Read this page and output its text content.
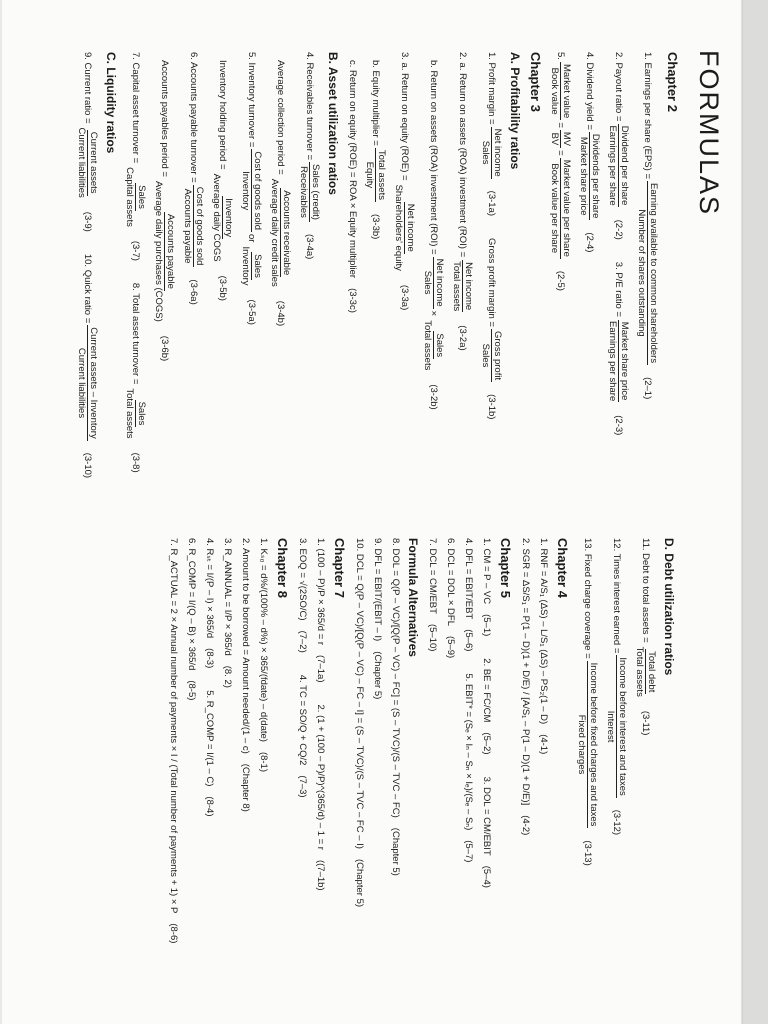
FORMULAS
Chapter 2
1. Earnings per share (EPS) =
Earning available to common shareholders
Number of shares outstanding
(2–1)
2. Payout ratio =
Dividend per share
Earnings per share
(2-2)
3. P/E ratio =
Market share price
Earnings per share
(2-3)
4. Dividend yield =
Dividends per share
Market share price
(2-4)
5.
Market value
Book value
=
MV
BV
=
Market value per share
Book value per share
(2-5)
Chapter 3
A. Profitability ratios
1. Profit margin =
Net income
Sales
(3-1a)
Gross profit margin =
Gross profit
Sales
(3-1b)
2. a. Return on assets (ROA) investment (ROI) =
Net income
Total assets
(3-2a)
b. Return on assets (ROA) investment (ROI) =
Net income
Sales
×
Sales
Total assets
(3-2b)
3. a. Return on equity (ROE) =
Net income
Shareholders' equity
(3-3a)
b. Equity multiplier =
Total assets
Equity
(3-3b)
c. Return on equity (ROE) = ROA × Equity multiplier
(3-3c)
B. Asset utilization ratios
4. Receivables turnover =
Sales (credit)
Receivables
(3-4a)
Average collection period =
Accounts receivable
Average daily credit sales
(3-4b)
5. Inventory turnover =
Cost of goods sold
Inventory
or
Sales
Inventory
(3-5a)
Inventory holding period =
Inventory
Average daily COGS
(3-5b)
6. Accounts payable turnover =
Cost of goods sold
Accounts payable
(3-6a)
Accounts payables period =
Accounts payable
Average daily purchases (COGS)
(3-6b)
7. Capital asset turnover =
Sales
Capital assets
(3-7)
8. Total asset turnover =
Sales
Total assets
(3-8)
C. Liquidity ratios
9. Current ratio =
Current assets
Current liabilities
(3-9)
10. Quick ratio =
Current assets – Inventory
Current liabilities
(3-10)
D. Debt utilization ratios
11. Debt to total assets =
Total debt
Total assets
(3-11)
12. Times interest earned =
Income before interest and taxes
Interest
(3-12)
13. Fixed charge coverage =
Income before fixed charges and taxes
Fixed charges
(3-13)
Chapter 4
1. RNF = A/S₁ (ΔS) – L/S₁ (ΔS) – PS₂(1 – D)
(4-1)
2. SGR = ΔS/S₁ = P(1 – D)(1 + D/E) / [A/S₁ – P(1 – D)(1 + D/E)]
(4-2)
Chapter 5
1. CM = P – VC
(5–1)
2. BE = FC/CM
(5–2)
3. DOL = CM/EBIT
(5–4)
4. DFL = EBIT/EBT
(5–6)
5. EBIT* = (Sₑ × Iₙ – Sₙ × Iₑ)/(Sₑ – Sₙ)
(5–7)
6. DCL = DOL × DFL
(5–9)
7. DCL = CM/EBT
(5–10)
Formula Alternatives
8. DOL = Q(P – VC)/[Q(P – VC) – FC] = (S – TVC)/(S – TVC – FC)
(Chapter 5)
9. DFL = EBIT/(EBIT – I)
(Chapter 5)
10. DCL = Q(P – VC)/[Q(P – VC) – FC – I] = (S – TVC)/(S – TVC – FC – I)
(Chapter 5)
Chapter 7
1. (100 – P)/P × 365/d = r
(7–1a)
2. (1 + (100 – P)/P)^(365/d) – 1 = r
((7–1b)
3. EOQ = √(2SO/C)
(7–2)
4. TC = SO/Q + CQ/2
(7–3)
Chapter 8
1. Kₛ₀ = d%/(100% – d%) × 365/(fdate) – d(date)
(8-1)
2. Amount to be borrowed = Amount needed/(1 – c)
(Chapter 8)
3. R_ANNUAL = I/P × 365/d
(8. 2)
4. Rₛₜ = I/(P – I) × 365/d
(8-3)
5. R_COMP = I/(1 – C)
(8-4)
6. R_COMP = I/(Q – B) × 365/d
(8-5)
7. R_ACTUAL = 2 × Annual number of payments × I / (Total number of payments + 1) × P
(8-6)
